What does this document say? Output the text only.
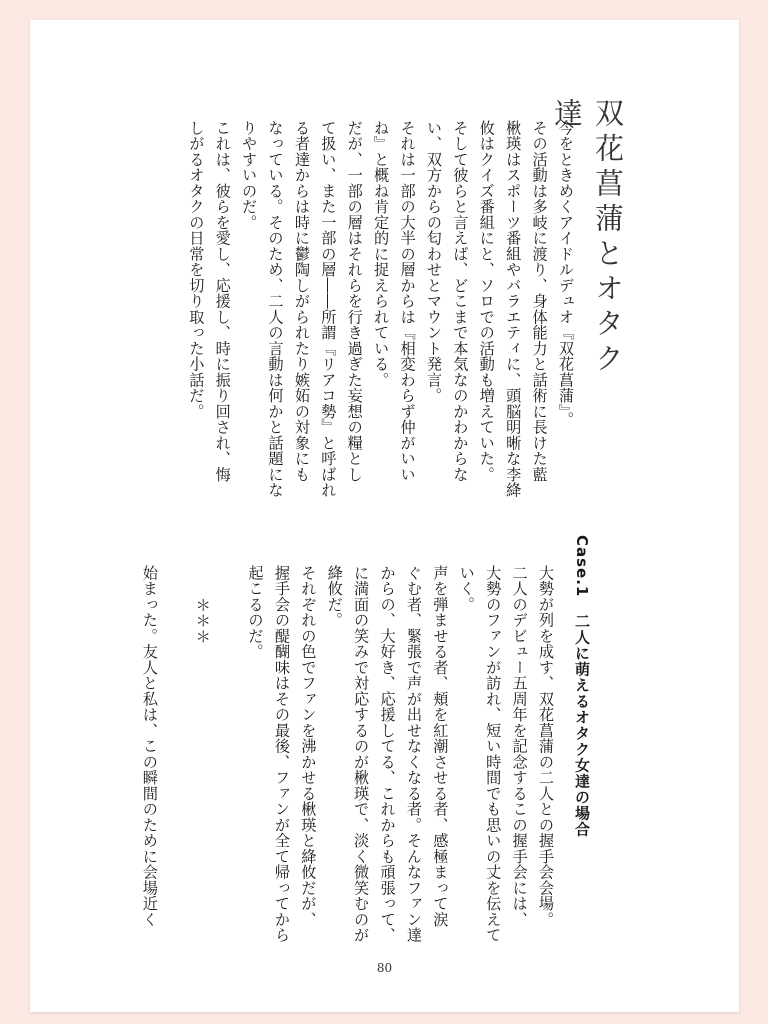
双花菖蒲とオタク達

今をときめくアイドルデュオ『双花菖蒲』。

その活動は多岐に渡り、身体能力と話術に長けた藍

楸瑛はスポーツ番組やバラエティに、頭脳明晰な李絳

攸はクイズ番組にと、ソロでの活動も増えていた。

そして彼らと言えば、どこまで本気なのかわからな

い、双方からの匂わせとマウント発言。

それは一部の大半の層からは『相変わらず仲がいい

ね』と概ね肯定的に捉えられている。

だが、一部の層はそれらを行き過ぎた妄想の糧とし

て扱い、また一部の層――所謂『リアコ勢』と呼ばれ

る者達からは時に鬱陶しがられたり嫉妬の対象にも

なっている。そのため、二人の言動は何かと話題にな

りやすいのだ。

これは、彼らを愛し、応援し、時に振り回され、悔

しがるオタクの日常を切り取った小話だ。

Case.1　二人に萌えるオタク女達の場合

大勢が列を成す、双花菖蒲の二人との握手会会場。

二人のデビュー五周年を記念するこの握手会には、

大勢のファンが訪れ、短い時間でも思いの丈を伝えて

いく。

声を弾ませる者、頬を紅潮させる者、感極まって涙

ぐむ者、緊張で声が出せなくなる者。そんなファン達

からの、大好き、応援してる、これからも頑張って、

に満面の笑みで対応するのが楸瑛で、淡く微笑むのが

絳攸だ。

それぞれの色でファンを沸かせる楸瑛と絳攸だが、

握手会の醍醐味はその最後、ファンが全て帰ってから

起こるのだ。

＊＊＊

始まった。友人と私は、この瞬間のために会場近く

80
